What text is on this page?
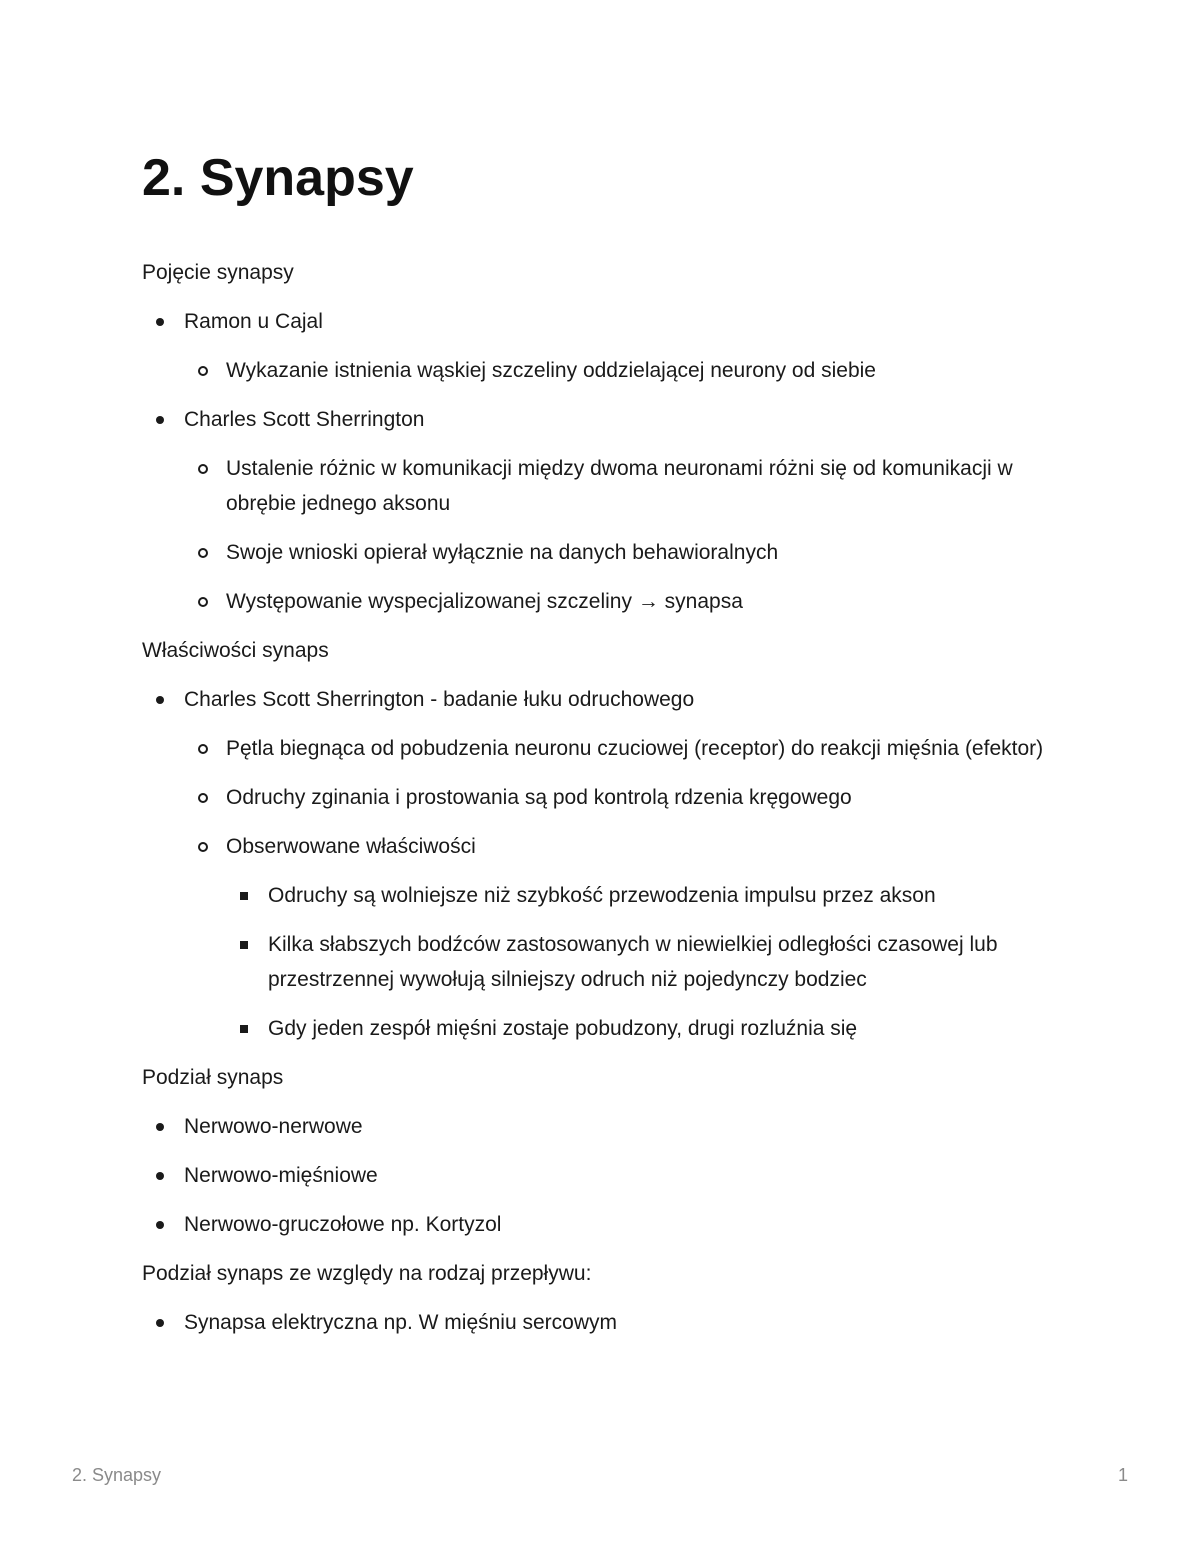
2. Synapsy

Pojęcie synapsy

Ramon u Cajal
Wykazanie istnienia wąskiej szczeliny oddzielającej neurony od siebie
Charles Scott Sherrington
Ustalenie różnic w komunikacji między dwoma neuronami różni się od komunikacji w obrębie jednego aksonu
Swoje wnioski opierał wyłącznie na danych behawioralnych
Występowanie wyspecjalizowanej szczeliny → synapsa

Właściwości synaps

Charles Scott Sherrington - badanie łuku odruchowego
Pętla biegnąca od pobudzenia neuronu czuciowej (receptor) do reakcji mięśnia (efektor)
Odruchy zginania i prostowania są pod kontrolą rdzenia kręgowego
Obserwowane właściwości
Odruchy są wolniejsze niż szybkość przewodzenia impulsu przez akson
Kilka słabszych bodźców zastosowanych w niewielkiej odległości czasowej lub przestrzennej wywołują silniejszy odruch niż pojedynczy bodziec
Gdy jeden zespół mięśni zostaje pobudzony, drugi rozluźnia się

Podział synaps

Nerwowo-nerwowe
Nerwowo-mięśniowe
Nerwowo-gruczołowe np. Kortyzol

Podział synaps ze względy na rodzaj przepływu:

Synapsa elektryczna np. W mięśniu sercowym
2. Synapsy	1
